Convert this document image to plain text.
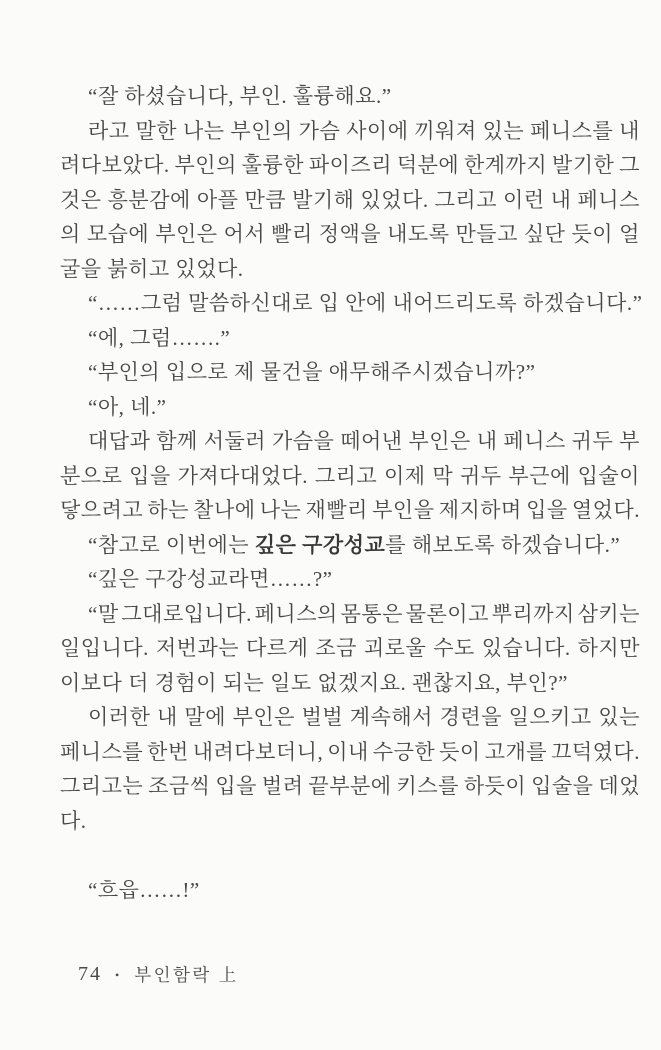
“잘 하셨습니다, 부인. 훌륭해요.”
라고 말한 나는 부인의 가슴 사이에 끼워져 있는 페니스를 내
려다보았다. 부인의 훌륭한 파이즈리 덕분에 한계까지 발기한 그
것은 흥분감에 아플 만큼 발기해 있었다. 그리고 이런 내 페니스
의 모습에 부인은 어서 빨리 정액을 내도록 만들고 싶단 듯이 얼
굴을 붉히고 있었다.
“……그럼 말씀하신대로 입 안에 내어드리도록 하겠습니다.”
“에, 그럼…….”
“부인의 입으로 제 물건을 애무해주시겠습니까?”
“아, 네.”
대답과 함께 서둘러 가슴을 떼어낸 부인은 내 페니스 귀두 부
분으로 입을 가져다대었다. 그리고 이제 막 귀두 부근에 입술이
닿으려고 하는 찰나에 나는 재빨리 부인을 제지하며 입을 열었다.
“참고로 이번에는 깊은 구강성교를 해보도록 하겠습니다.”
“깊은 구강성교라면……?”
“말 그대로입니다. 페니스의 몸통은 물론이고 뿌리까지 삼키는
일입니다. 저번과는 다르게 조금 괴로울 수도 있습니다. 하지만
이보다 더 경험이 되는 일도 없겠지요. 괜찮지요, 부인?”
이러한 내 말에 부인은 벌벌 계속해서 경련을 일으키고 있는
페니스를 한번 내려다보더니, 이내 수긍한 듯이 고개를 끄덕였다.
그리고는 조금씩 입을 벌려 끝부분에 키스를 하듯이 입술을 데었
다.

“흐읍……!”
74 • 부인함락 上
